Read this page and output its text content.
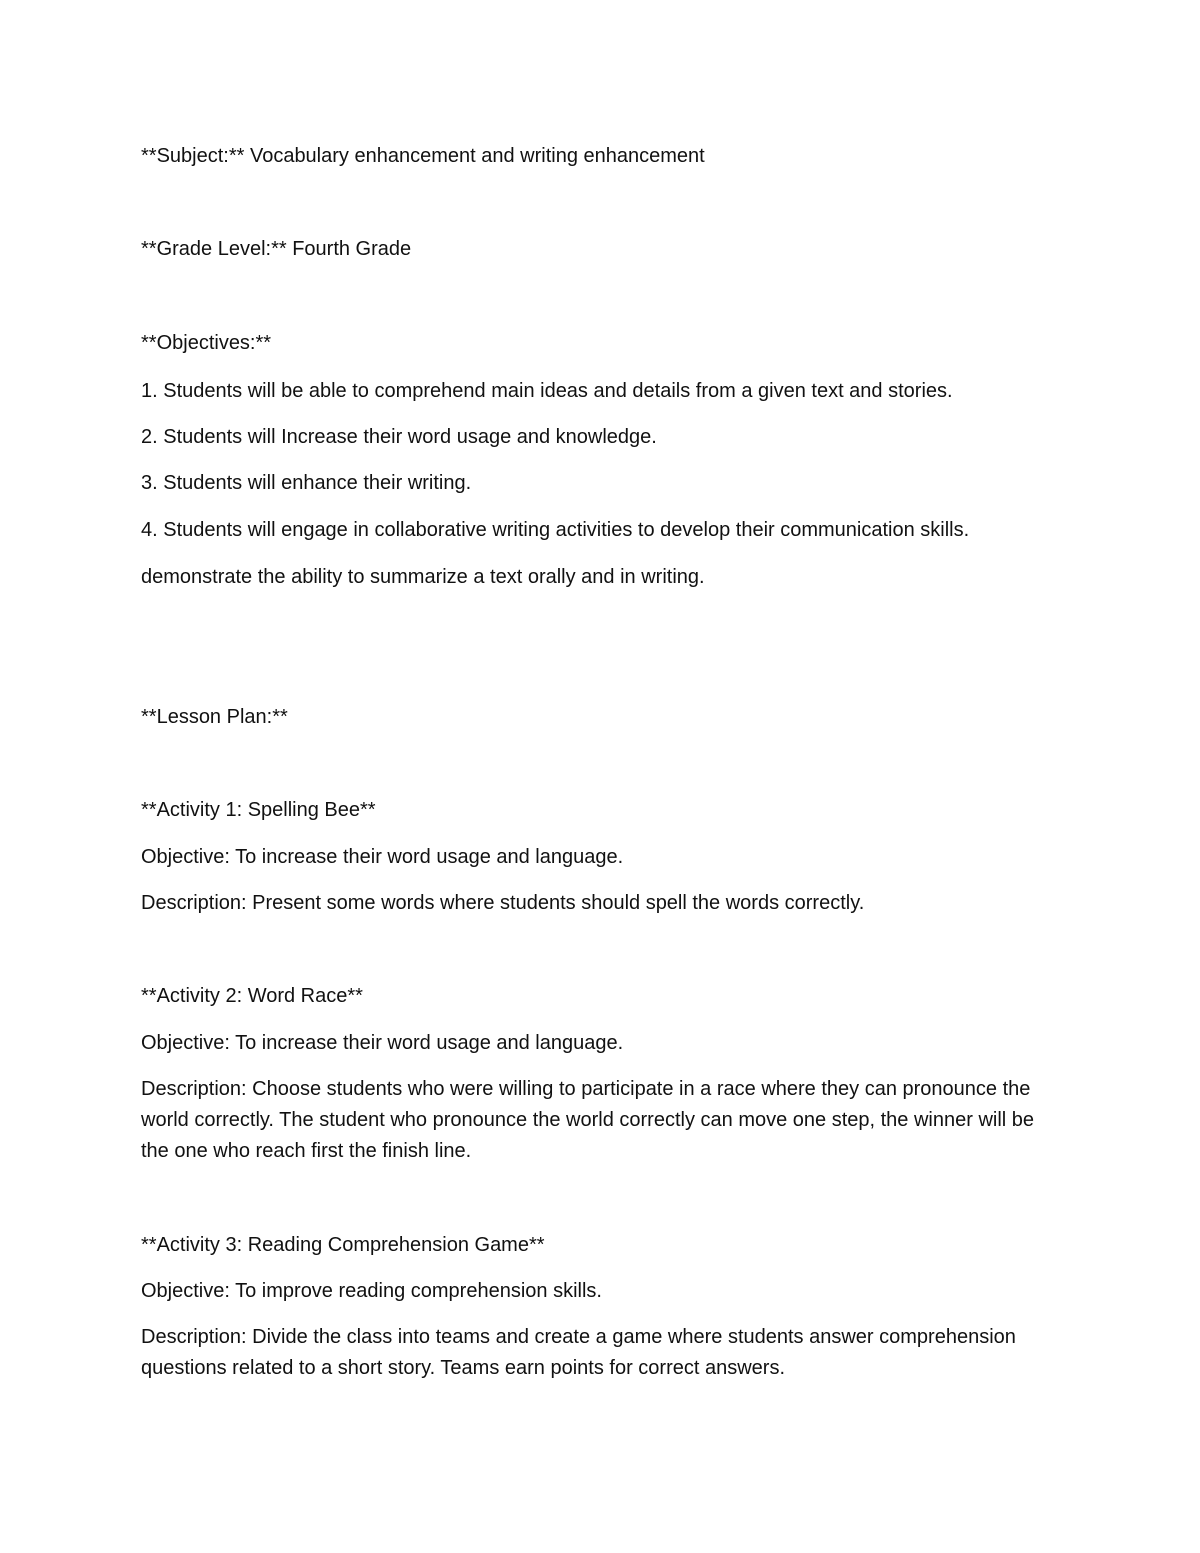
**Subject:** Vocabulary enhancement and writing enhancement
**Grade Level:** Fourth Grade
**Objectives:**
1. Students will be able to comprehend main ideas and details from a given text and stories.
2. Students will Increase their word usage and knowledge.
3. Students will enhance their writing.
4. Students will engage in collaborative writing activities to develop their communication skills.
demonstrate the ability to summarize a text orally and in writing.
**Lesson Plan:**
**Activity 1: Spelling Bee**
Objective: To increase their word usage and language.
Description: Present some words where students should spell the words correctly.
**Activity 2: Word Race**
Objective: To increase their word usage and language.
Description: Choose students who were willing to participate in a race where they can pronounce the world correctly. The student who pronounce the world correctly can move one step, the winner will be the one who reach first the finish line.
**Activity 3: Reading Comprehension Game**
Objective: To improve reading comprehension skills.
Description: Divide the class into teams and create a game where students answer comprehension questions related to a short story. Teams earn points for correct answers.
